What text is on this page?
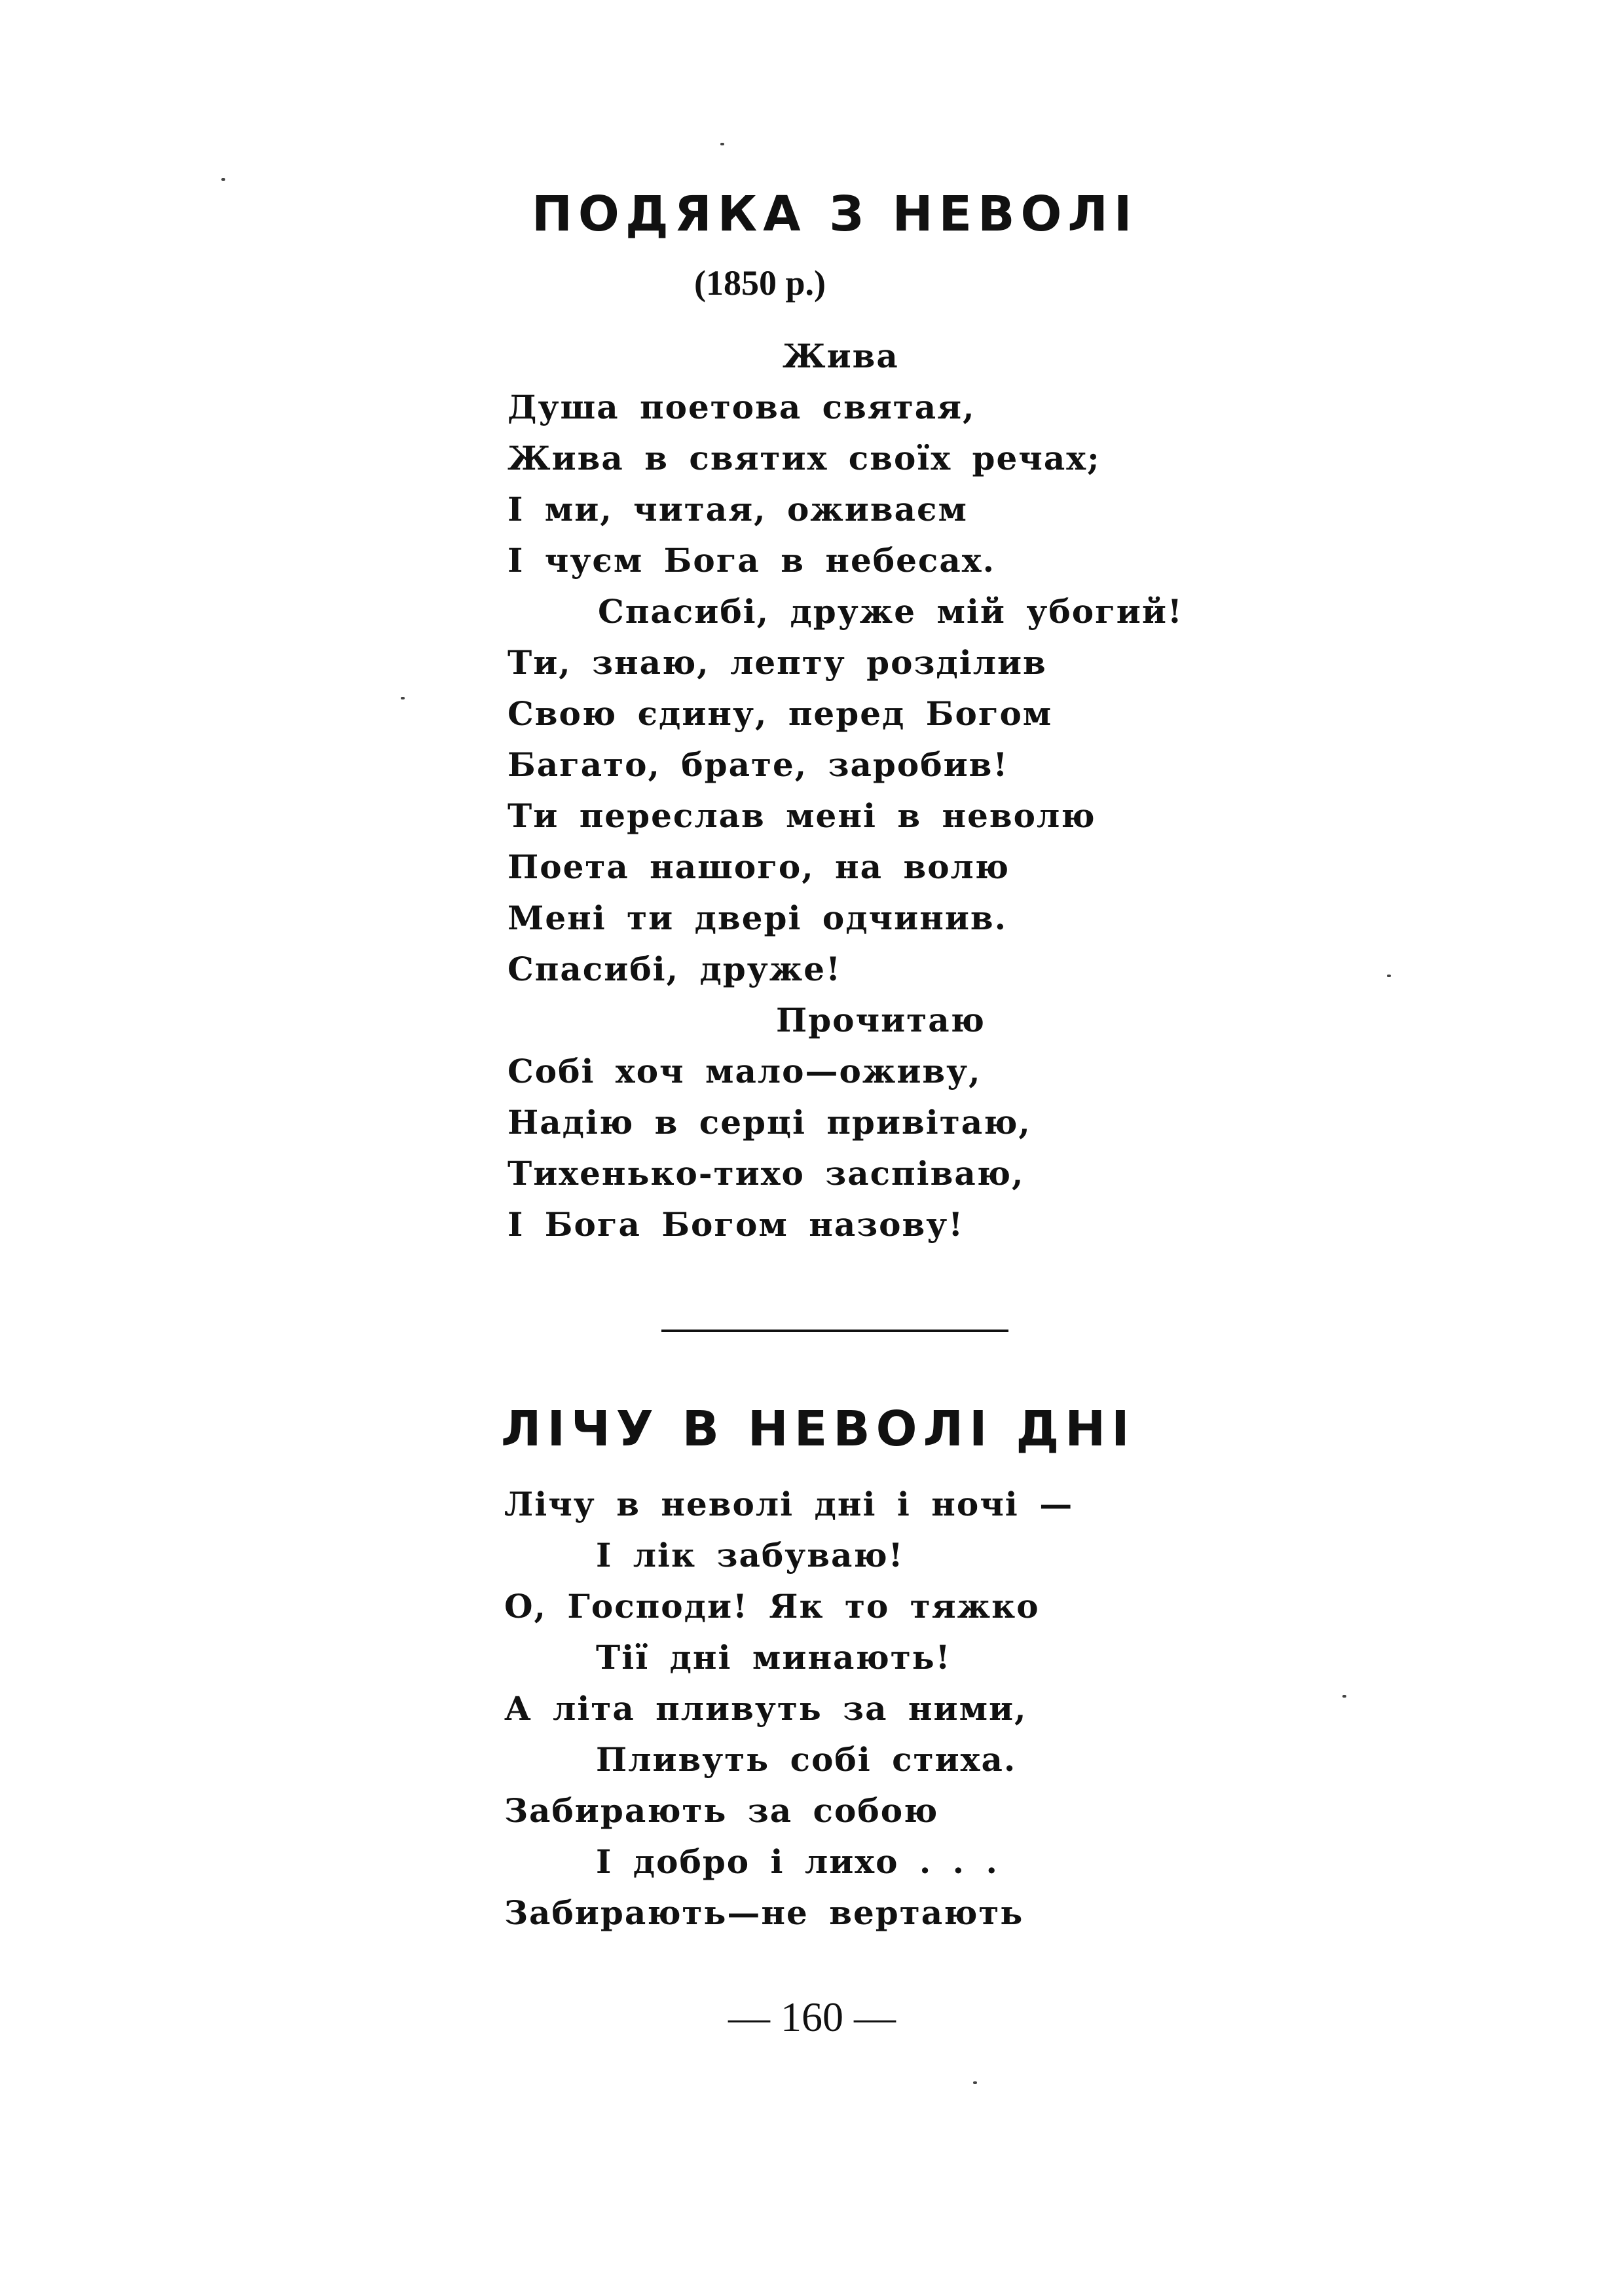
ПОДЯКА З НЕВОЛІ
(1850 р.)
Жива
Душа поетова святая,
Жива в святих своїх речах;
І ми, читая, оживаєм
І чуєм Бога в небесах.
Спасибі, друже мій убогий!
Ти, знаю, лепту розділив
Свою єдину, перед Богом
Багато, брате, заробив!
Ти переслав мені в неволю
Поета нашого, на волю
Мені ти двері одчинив.
Спасибі, друже!
Прочитаю
Собі хоч мало—оживу,
Надію в серці привітаю,
Тихенько-тихо заспіваю,
І Бога Богом назову!
ЛІЧУ В НЕВОЛІ ДНІ
Лічу в неволі дні і ночі —
І лік забуваю!
О, Господи! Як то тяжко
Тії дні минають!
А літа пливуть за ними,
Пливуть собі стиха.
Забирають за собою
І добро і лихо . . .
Забирають—не вертають
— 160 —
